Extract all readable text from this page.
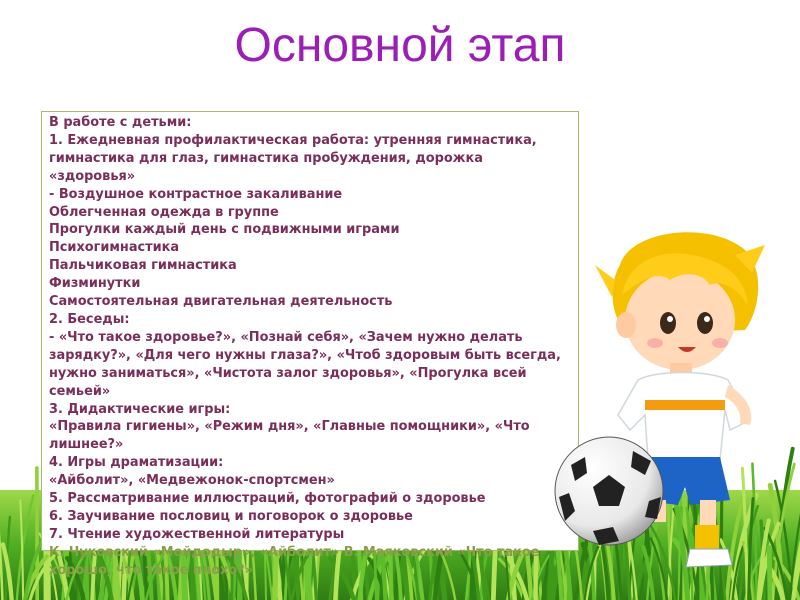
Основной этап
В работе с детьми:
1. Ежедневная профилактическая работа: утренняя гимнастика,
гимнастика для глаз, гимнастика пробуждения, дорожка
«здоровья»
- Воздушное контрастное закаливание
Облегченная одежда в группе
Прогулки каждый день с подвижными играми
Психогимнастика
Пальчиковая гимнастика
Физминутки
Самостоятельная двигательная деятельность
2. Беседы:
- «Что такое здоровье?», «Познай себя», «Зачем нужно делать
зарядку?», «Для чего нужны глаза?», «Чтоб здоровым быть всегда,
нужно заниматься», «Чистота залог здоровья», «Прогулка всей
семьей»
3. Дидактические игры:
«Правила гигиены», «Режим дня», «Главные помощники», «Что
лишнее?»
4. Игры драматизации:
«Айболит», «Медвежонок-спортсмен»
5. Рассматривание иллюстраций, фотографий о здоровье
6. Заучивание пословиц и поговорок о здоровье
7. Чтение художественной литературы
К. Чуковский «Мойдодыр», «Айболит» В. Маяковский «Что такое
хорошо, что такое плохо?»
